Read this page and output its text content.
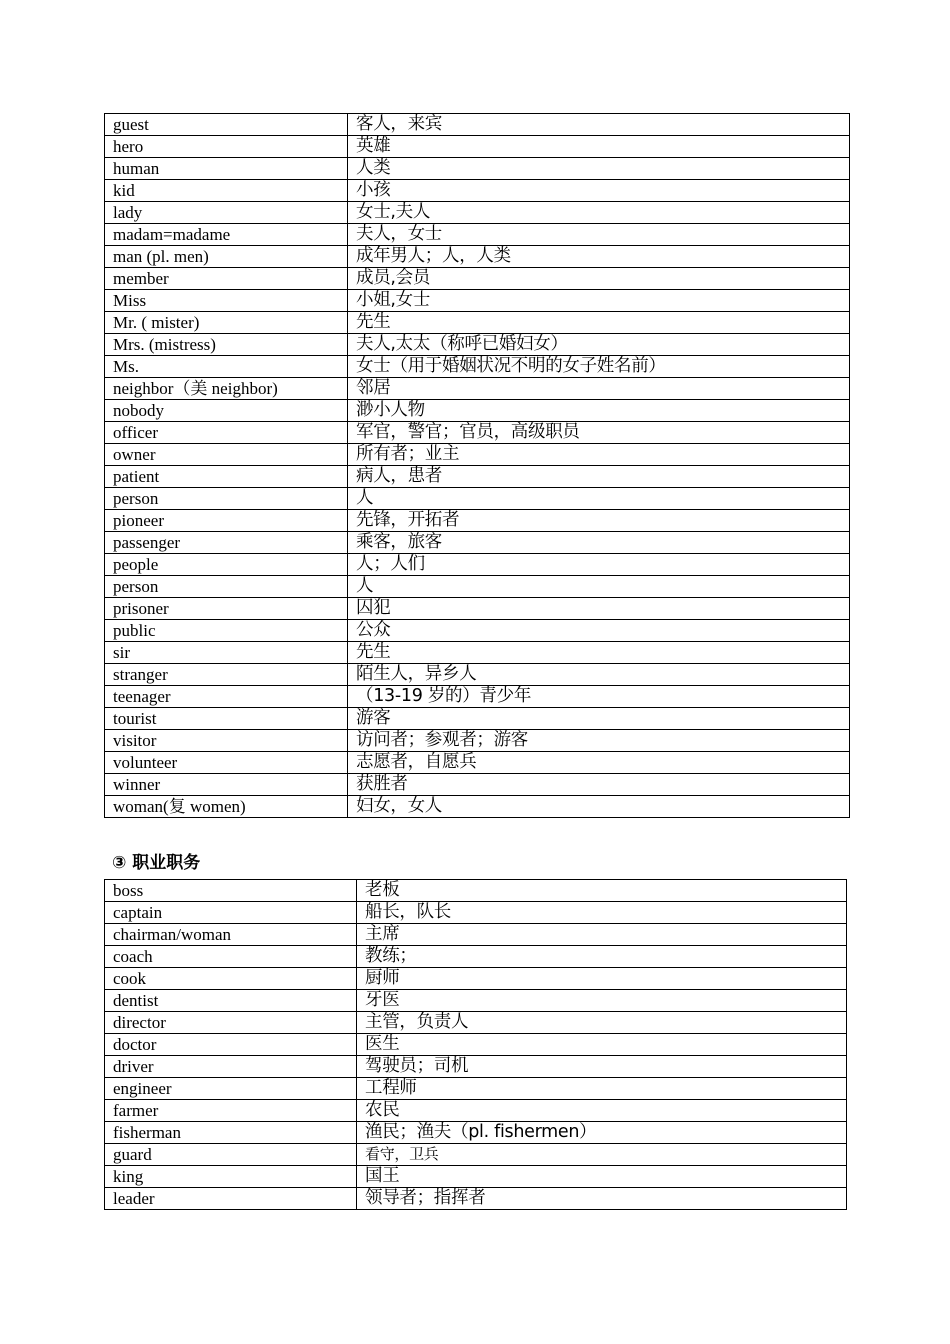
guest	客人，来宾
hero	英雄
human	人类
kid	小孩
lady	女士,夫人
madam=madame	夫人，女士
man (pl. men)	成年男人；人，人类
member	成员,会员
Miss	小姐,女士
Mr. ( mister)	先生
Mrs. (mistress)	夫人,太太（称呼已婚妇女）
Ms.	女士（用于婚姻状况不明的女子姓名前）
neighbor（美 neighbor)	邻居
nobody	渺小人物
officer	军官，警官；官员，高级职员
owner	所有者；业主
patient	病人，患者
person	人
pioneer	先锋，开拓者
passenger	乘客，旅客
people	人；人们
person	人
prisoner	囚犯
public	公众
sir	先生
stranger	陌生人，异乡人
teenager	（13-19 岁的）青少年
tourist	游客
visitor	访问者；参观者；游客
volunteer	志愿者，自愿兵
winner	获胜者
woman(复 women)	妇女，女人
③ 职业职务
boss	老板
captain	船长，队长
chairman/woman	主席
coach	教练；
cook	厨师
dentist	牙医
director	主管，负责人
doctor	医生
driver	驾驶员；司机
engineer	工程师
farmer	农民
fisherman	渔民；渔夫（pl. fishermen）
guard	看守，卫兵
king	国王
leader	领导者；指挥者
